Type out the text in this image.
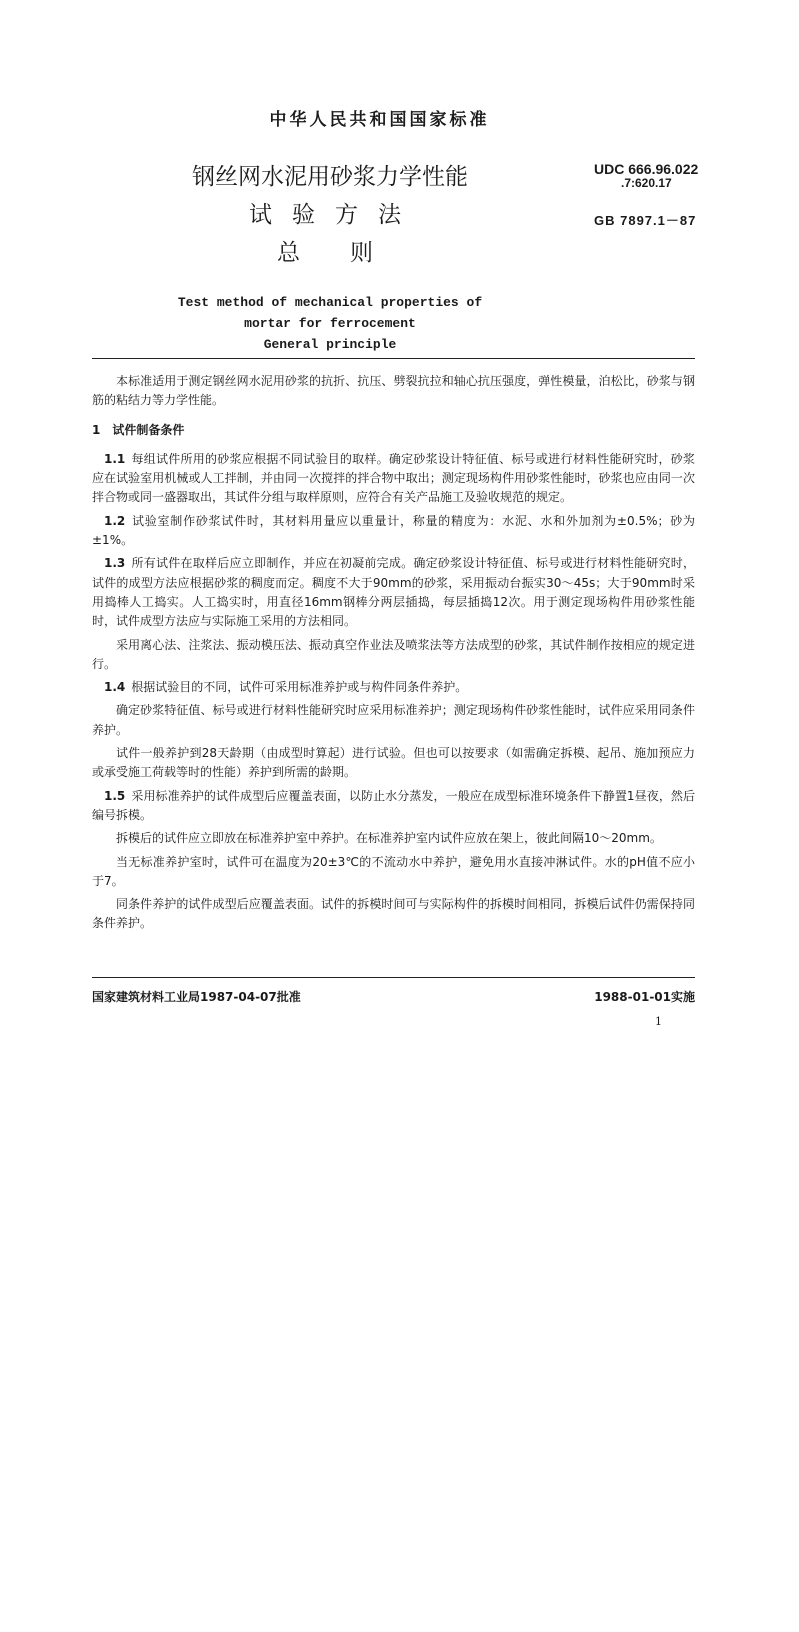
中华人民共和国国家标准

钢丝网水泥用砂浆力学性能

试验方法

总则

Test method of mechanical properties of

mortar for ferrocement

General principle

UDC 666.96.022
.7:620.17
GB 7897.1－87

本标准适用于测定钢丝网水泥用砂浆的抗折、抗压、劈裂抗拉和轴心抗压强度，弹性模量，泊松比，砂浆与钢筋的粘结力等力学性能。

1　试件制备条件

1.1 每组试件所用的砂浆应根据不同试验目的取样。确定砂浆设计特征值、标号或进行材料性能研究时，砂浆应在试验室用机械或人工拌制，并由同一次搅拌的拌合物中取出；测定现场构件用砂浆性能时，砂浆也应由同一次拌合物或同一盛器取出，其试件分组与取样原则，应符合有关产品施工及验收规范的规定。

1.2 试验室制作砂浆试件时，其材料用量应以重量计，称量的精度为：水泥、水和外加剂为±0.5%；砂为±1%。

1.3 所有试件在取样后应立即制作，并应在初凝前完成。确定砂浆设计特征值、标号或进行材料性能研究时，试件的成型方法应根据砂浆的稠度而定。稠度不大于90mm的砂浆，采用振动台振实30～45s；大于90mm时采用捣棒人工捣实。人工捣实时，用直径16mm钢棒分两层插捣，每层插捣12次。用于测定现场构件用砂浆性能时，试件成型方法应与实际施工采用的方法相同。

采用离心法、注浆法、振动模压法、振动真空作业法及喷浆法等方法成型的砂浆，其试件制作按相应的规定进行。

1.4 根据试验目的不同，试件可采用标准养护或与构件同条件养护。

确定砂浆特征值、标号或进行材料性能研究时应采用标准养护；测定现场构件砂浆性能时，试件应采用同条件养护。

试件一般养护到28天龄期（由成型时算起）进行试验。但也可以按要求（如需确定拆模、起吊、施加预应力或承受施工荷载等时的性能）养护到所需的龄期。

1.5 采用标准养护的试件成型后应覆盖表面，以防止水分蒸发，一般应在成型标准环境条件下静置1昼夜，然后编号拆模。

拆模后的试件应立即放在标准养护室中养护。在标准养护室内试件应放在架上，彼此间隔10～20mm。

当无标准养护室时，试件可在温度为20±3℃的不流动水中养护，避免用水直接冲淋试件。水的pH值不应小于7。

同条件养护的试件成型后应覆盖表面。试件的拆模时间可与实际构件的拆模时间相同，拆模后试件仍需保持同条件养护。

国家建筑材料工业局1987-04-07批准	1988-01-01实施
1
